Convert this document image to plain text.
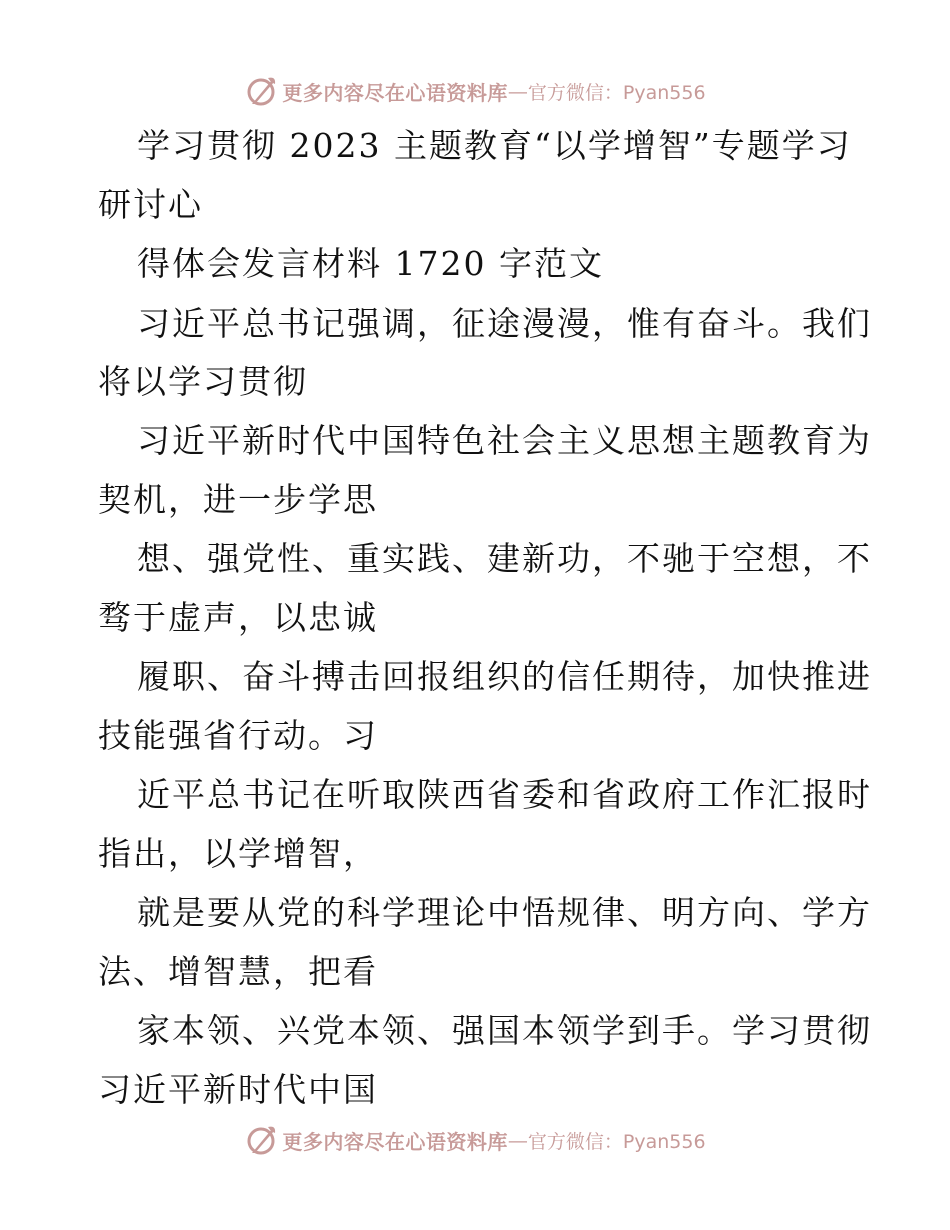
更多内容尽在心语资料库 — 官方微信：Pyan556
学习贯彻 2023 主题教育“以学增智”专题学习
研讨心
得体会发言材料 1720 字范文
习近平总书记强调，征途漫漫，惟有奋斗。我们
将以学习贯彻
习近平新时代中国特色社会主义思想主题教育为
契机，进一步学思
想、强党性、重实践、建新功，不驰于空想，不
骛于虚声，以忠诚
履职、奋斗搏击回报组织的信任期待，加快推进
技能强省行动。习
近平总书记在听取陕西省委和省政府工作汇报时
指出，以学增智，
就是要从党的科学理论中悟规律、明方向、学方
法、增智慧，把看
家本领、兴党本领、强国本领学到手。学习贯彻
习近平新时代中国
更多内容尽在心语资料库 — 官方微信：Pyan556
